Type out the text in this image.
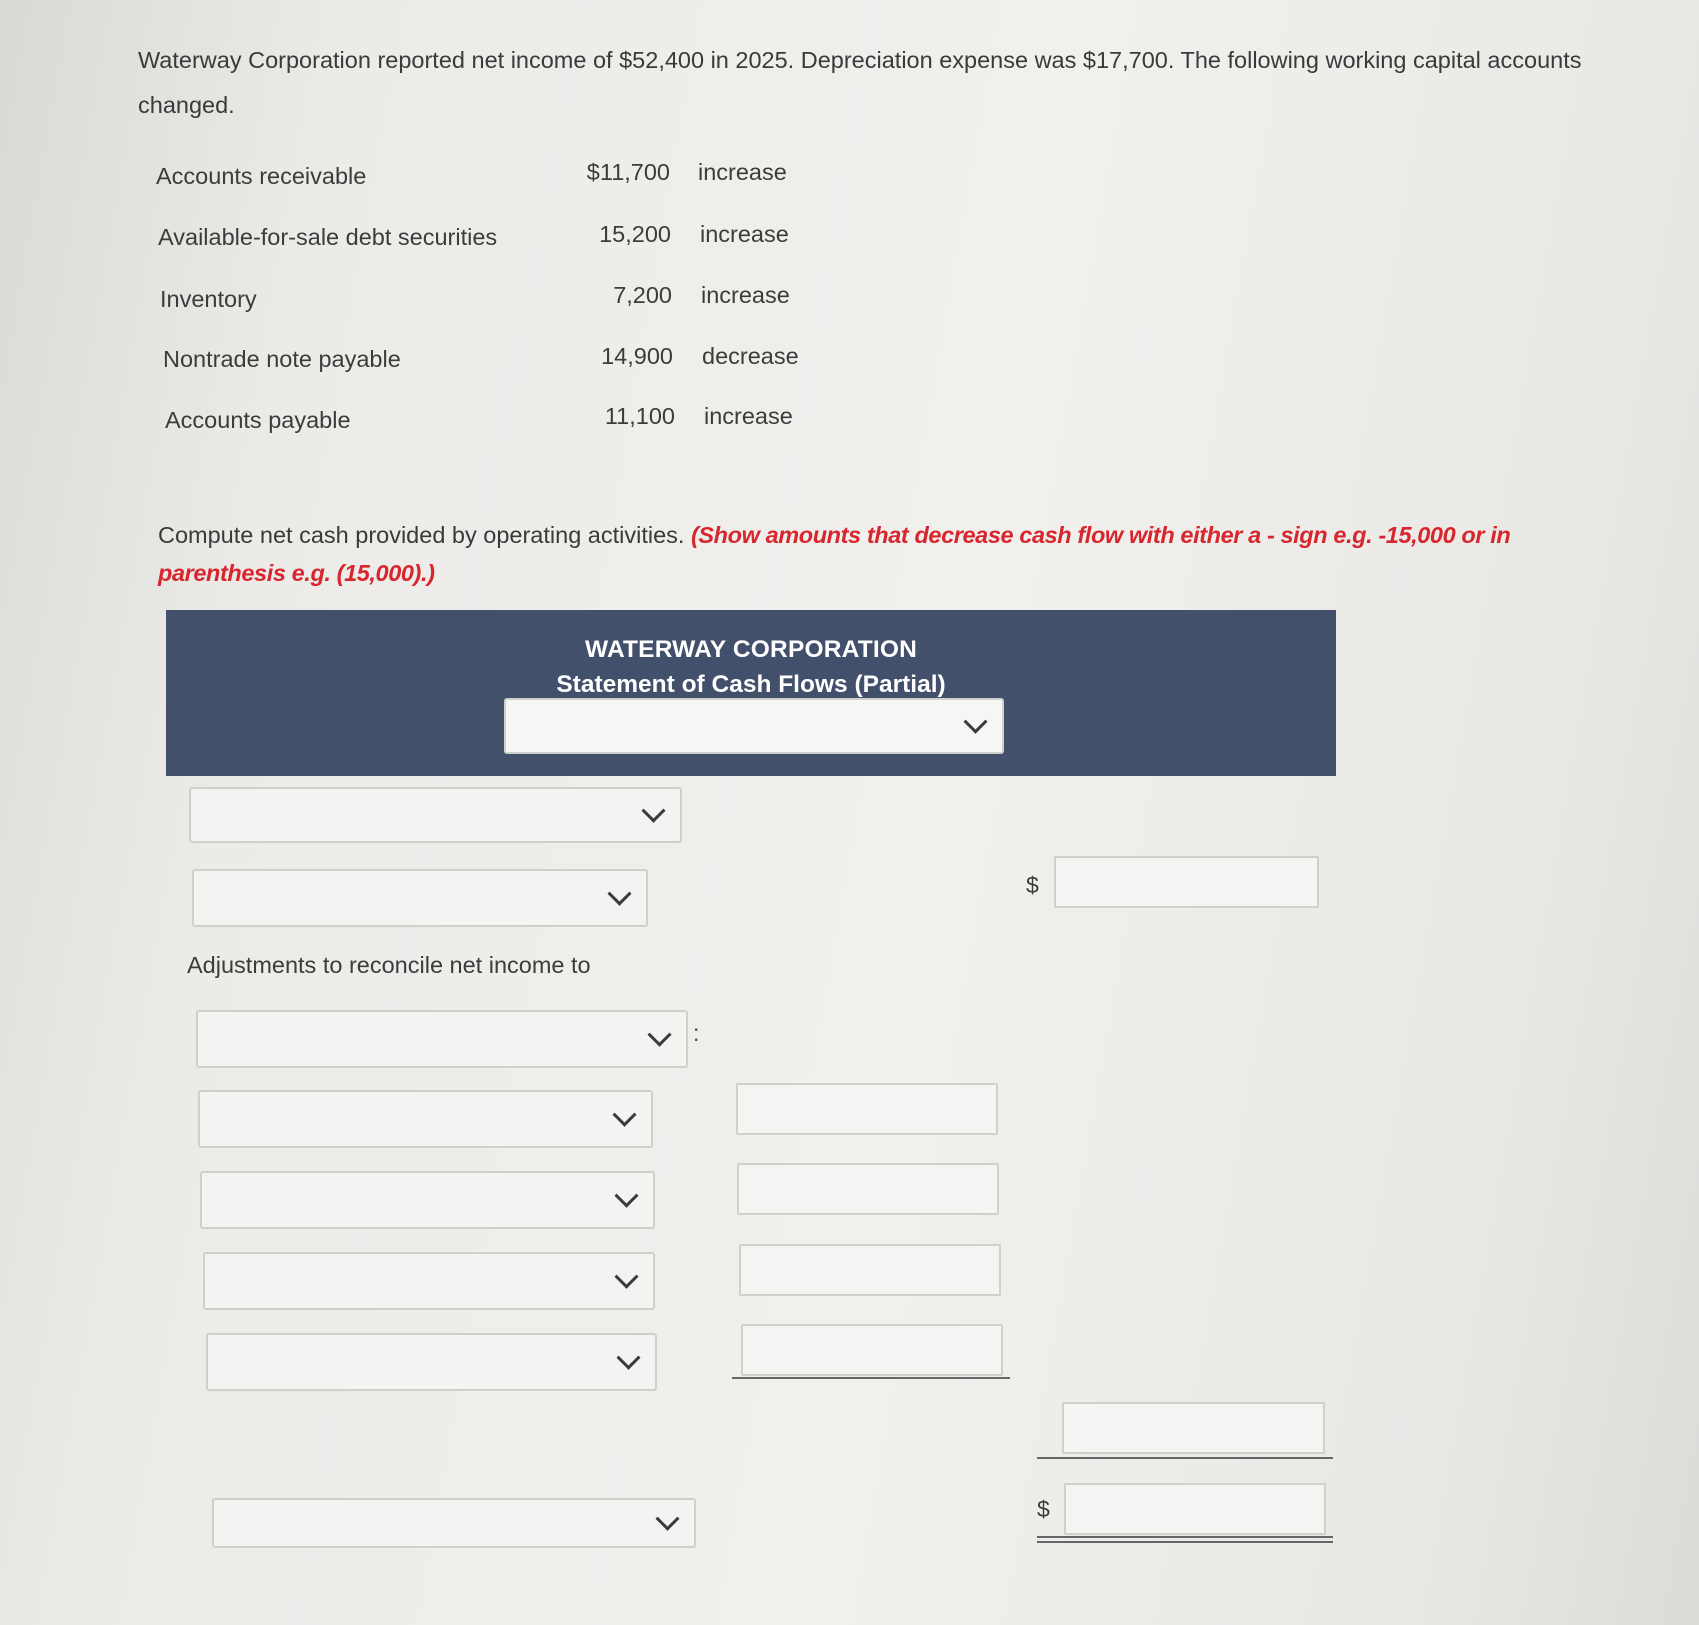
Waterway Corporation reported net income of $52,400 in 2025. Depreciation expense was $17,700. The following working capital accounts changed.
Accounts receivable	$11,700 increase
Available-for-sale debt securities	15,200 increase
Inventory	7,200 increase
Nontrade note payable	14,900 decrease
Accounts payable	11,100 increase
Compute net cash provided by operating activities. (Show amounts that decrease cash flow with either a - sign e.g. -15,000 or in parenthesis e.g. (15,000).)
WATERWAY CORPORATION
Statement of Cash Flows (Partial)
$
Adjustments to reconcile net income to
:
$
